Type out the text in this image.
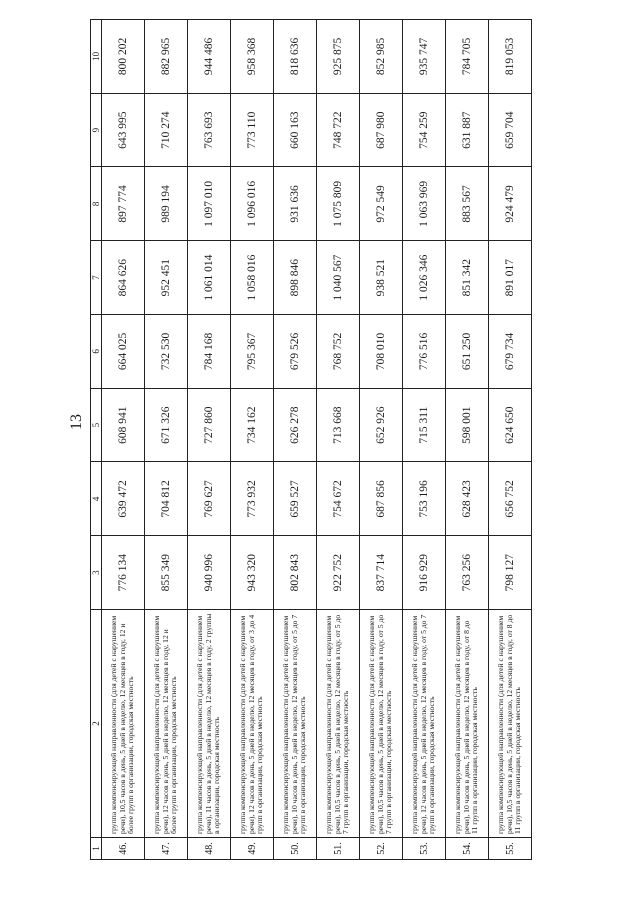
13
1	2	3	4	5	6	7	8	9	10
46.	группа компенсирующей направленности (для детей с нарушением речи), 10,5 часов в день, 5 дней в неделю, 12 месяцев в году, 12 и более групп в организации, городская местность	776 134	639 472	608 941	664 025	864 626	897 774	643 995	800 202
47.	группа компенсирующей направленности (для детей с нарушением речи), 12 часов в день, 5 дней в неделю, 12 месяцев в году, 12 и более групп в организации, городская местность	855 349	704 812	671 326	732 530	952 451	989 194	710 274	882 965
48.	группа компенсирующей направленности (для детей с нарушением речи), 11 часов в день, 5 дней в неделю, 12 месяцев в году, 2 группы в организации, городская местность	940 996	769 627	727 860	784 168	1 061 014	1 097 010	763 693	944 486
49.	группа компенсирующей направленности (для детей с нарушением речи), 12 часов в день, 5 дней в неделю, 12 месяцев в году, от 3 до 4 групп в организации, городская местность	943 320	773 932	734 162	795 367	1 058 016	1 096 016	773 110	958 368
50.	группа компенсирующей направленности (для детей с нарушением речи), 10 часов в день, 5 дней в неделю, 12 месяцев в году, от 5 до 7 групп в организации, городская местность	802 843	659 527	626 278	679 526	898 846	931 636	660 163	818 636
51.	группа компенсирующей направленности (для детей с нарушением речи), 10,5 часов в день, 5 дней в неделю, 12 месяцев в году, от 5 до 7 групп в организации, городская местность	922 752	754 672	713 668	768 752	1 040 567	1 075 809	748 722	925 875
52.	группа компенсирующей направленности (для детей с нарушением речи), 10,5 часов в день, 5 дней в неделю, 12 месяцев в году, от 5 до 7 групп в организации, городская местность	837 714	687 856	652 926	708 010	938 521	972 549	687 980	852 985
53.	группа компенсирующей направленности (для детей с нарушением речи), 12 часов в день, 5 дней в неделю, 12 месяцев в году, от 5 до 7 групп в организации, городская местность	916 929	753 196	715 311	776 516	1 026 346	1 063 969	754 259	935 747
54.	группа компенсирующей направленности (для детей с нарушением речи), 10 часов в день, 5 дней в неделю, 12 месяцев в году, от 8 до 11 групп в организации, городская местность	763 256	628 423	598 001	651 250	851 342	883 567	631 887	784 705
55.	группа компенсирующей направленности (для детей с нарушением речи), 10,5 часов в день, 5 дней в неделю, 12 месяцев в году, от 8 до 11 групп в организации, городская местность	798 127	656 752	624 650	679 734	891 017	924 479	659 704	819 053
